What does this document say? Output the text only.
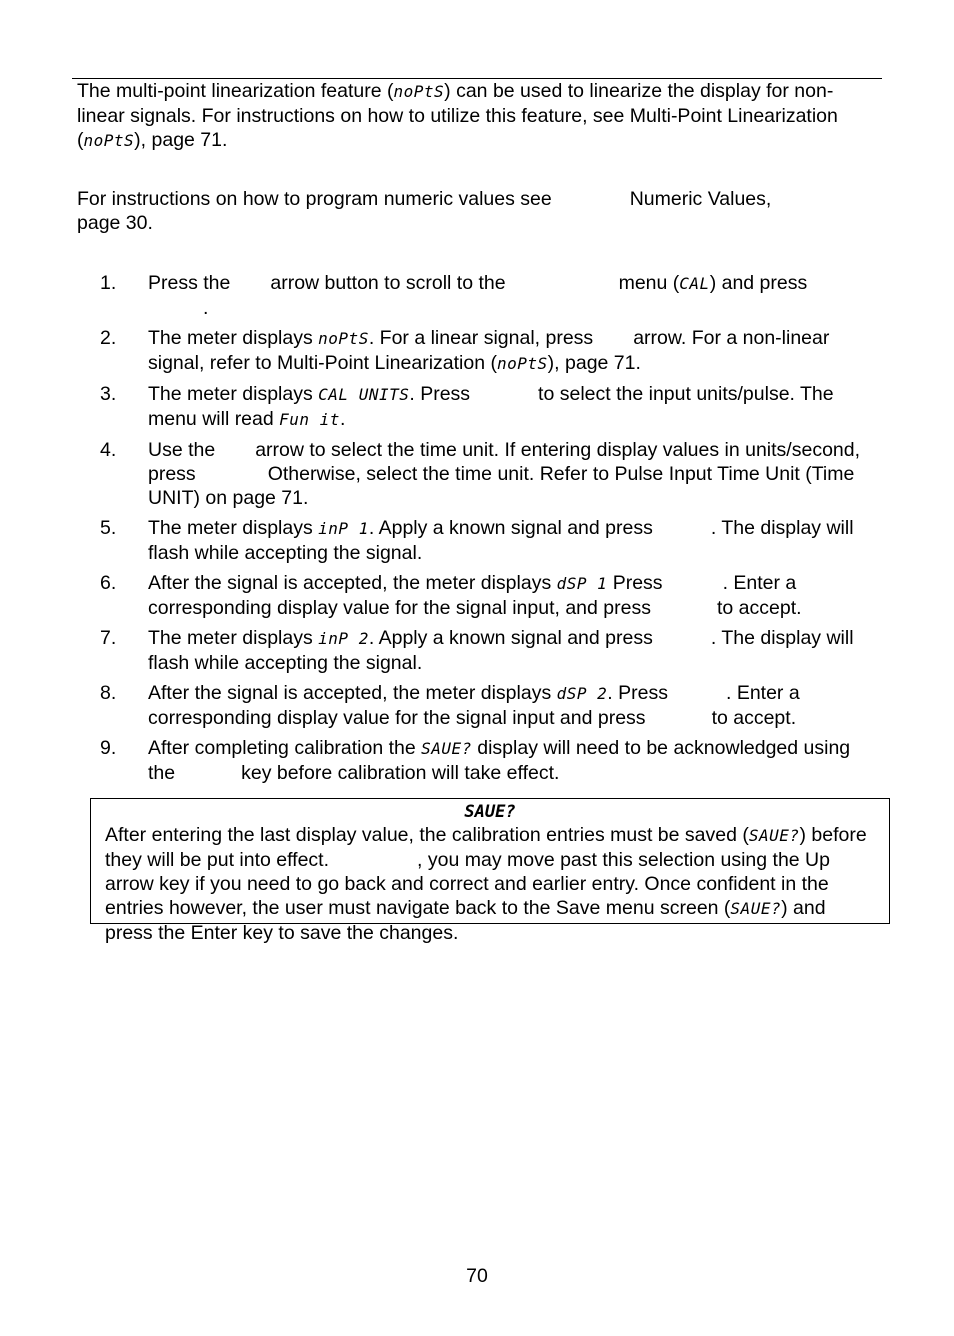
The multi-point linearization feature (noPtS) can be used to linearize the display for non-linear signals. For instructions on how to utilize this feature, see Multi-Point Linearization (noPtS), page 71.

For instructions on how to program numeric values see	Numeric Values,
page 30.

1. Press the arrow button to scroll to the	menu (CAL) and press
.
2. The meter displays noPtS. For a linear signal, press arrow. For a non-linear signal, refer to Multi-Point Linearization (noPtS), page 71.
3. The meter displays CAL UNITS. Press	to select the input units/pulse. The menu will read Fun it.
4. Use the arrow to select the time unit. If entering display values in units/second, press	Otherwise, select the time unit. Refer to Pulse Input Time Unit (Time UNIT) on page 71.
5. The meter displays inP 1. Apply a known signal and press	. The display will flash while accepting the signal.
6. After the signal is accepted, the meter displays dSP 1 Press	. Enter a corresponding display value for the signal input, and press	to accept.
7. The meter displays inP 2. Apply a known signal and press	. The display will flash while accepting the signal.
8. After the signal is accepted, the meter displays dSP 2. Press	. Enter a corresponding display value for the signal input and press	to accept.
9. After completing calibration the SAUE? display will need to be acknowledged using the	key before calibration will take effect.

SAUE?

After entering the last display value, the calibration entries must be saved (SAUE?) before they will be put into effect.	, you may move past this selection using the Up arrow key if you need to go back and correct and earlier entry. Once confident in the entries however, the user must navigate back to the Save menu screen (SAUE?) and press the Enter key to save the changes.

70
